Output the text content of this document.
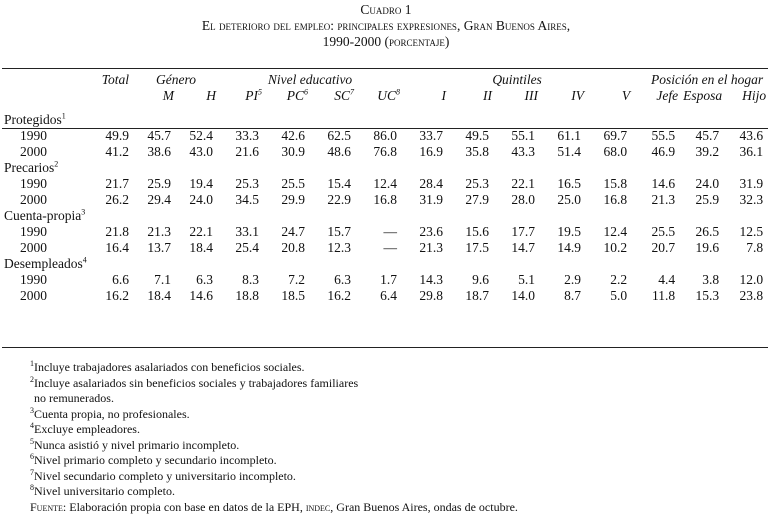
Cuadro 1
El deterioro del empleo: principales expresiones, Gran Buenos Aires,
1990-2000 (porcentaje)
	Total	Género		Nivel educativo				Quintiles					Posición en el hogar		
		M	H	$PI^5$	$PC^6$	$SC^7$	$UC^8$	I	II	III	IV	V	Jefe	Esposa	Hijo
Protegidos$^1$
1990	49.9	45.7	52.4	33.3	42.6	62.5	86.0	33.7	49.5	55.1	61.1	69.7	55.5	45.7	43.6
2000	41.2	38.6	43.0	21.6	30.9	48.6	76.8	16.9	35.8	43.3	51.4	68.0	46.9	39.2	36.1
Precarios$^2$
1990	21.7	25.9	19.4	25.3	25.5	15.4	12.4	28.4	25.3	22.1	16.5	15.8	14.6	24.0	31.9
2000	26.2	29.4	24.0	34.5	29.9	22.9	16.8	31.9	27.9	28.0	25.0	16.8	21.3	25.9	32.3
Cuenta-propia$^3$
1990	21.8	21.3	22.1	33.1	24.7	15.7	—	23.6	15.6	17.7	19.5	12.4	25.5	26.5	12.5
2000	16.4	13.7	18.4	25.4	20.8	12.3	—	21.3	17.5	14.7	14.9	10.2	20.7	19.6	7.8
Desempleados$^4$
1990	6.6	7.1	6.3	8.3	7.2	6.3	1.7	14.3	9.6	5.1	2.9	2.2	4.4	3.8	12.0
2000	16.2	18.4	14.6	18.8	18.5	16.2	6.4	29.8	18.7	14.0	8.7	5.0	11.8	15.3	23.8
$^1$Incluye trabajadores asalariados con beneficios sociales.
$^2$Incluye asalariados sin beneficios sociales y trabajadores familiares
no remunerados.
$^3$Cuenta propia, no profesionales.
$^4$Excluye empleadores.
$^5$Nunca asistió y nivel primario incompleto.
$^6$Nivel primario completo y secundario incompleto.
$^7$Nivel secundario completo y universitario incompleto.
$^8$Nivel universitario completo.
Fuente: Elaboración propia con base en datos de la EPH, indec, Gran Buenos Aires, ondas de octubre.
